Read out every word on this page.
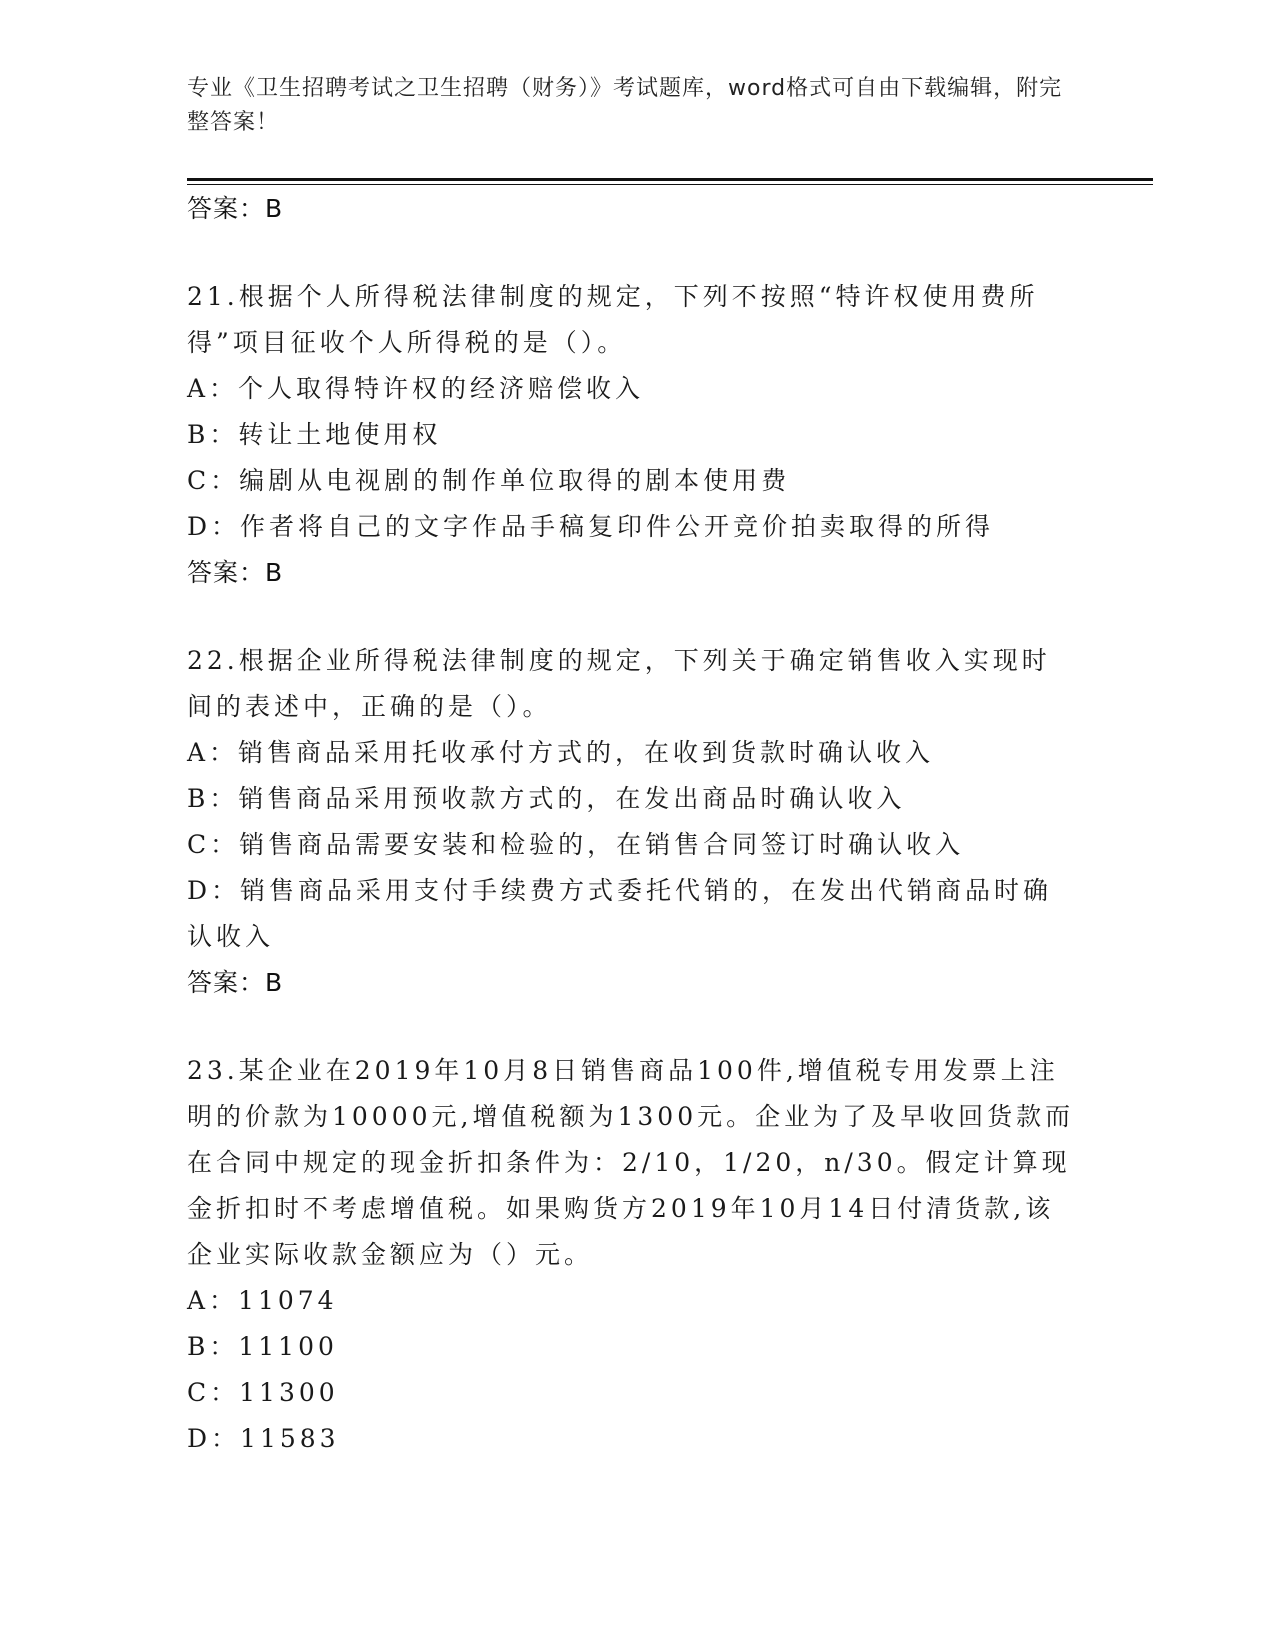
专业《卫生招聘考试之卫生招聘（财务）》考试题库，word格式可自由下载编辑，附完整答案！
答案：B

21.根据个人所得税法律制度的规定，下列不按照“特许权使用费所得”项目征收个人所得税的是（）。

A：个人取得特许权的经济赔偿收入

B：转让土地使用权

C：编剧从电视剧的制作单位取得的剧本使用费

D：作者将自己的文字作品手稿复印件公开竞价拍卖取得的所得

答案：B

22.根据企业所得税法律制度的规定，下列关于确定销售收入实现时间的表述中，正确的是（）。

A：销售商品采用托收承付方式的，在收到货款时确认收入

B：销售商品采用预收款方式的，在发出商品时确认收入

C：销售商品需要安装和检验的，在销售合同签订时确认收入

D：销售商品采用支付手续费方式委托代销的，在发出代销商品时确认收入

答案：B

23.某企业在2019年10月8日销售商品100件,增值税专用发票上注明的价款为10000元,增值税额为1300元。企业为了及早收回货款而在合同中规定的现金折扣条件为：2/10，1/20，n/30。假定计算现金折扣时不考虑增值税。如果购货方2019年10月14日付清货款,该企业实际收款金额应为（）元。

A：11074

B：11100

C：11300

D：11583
